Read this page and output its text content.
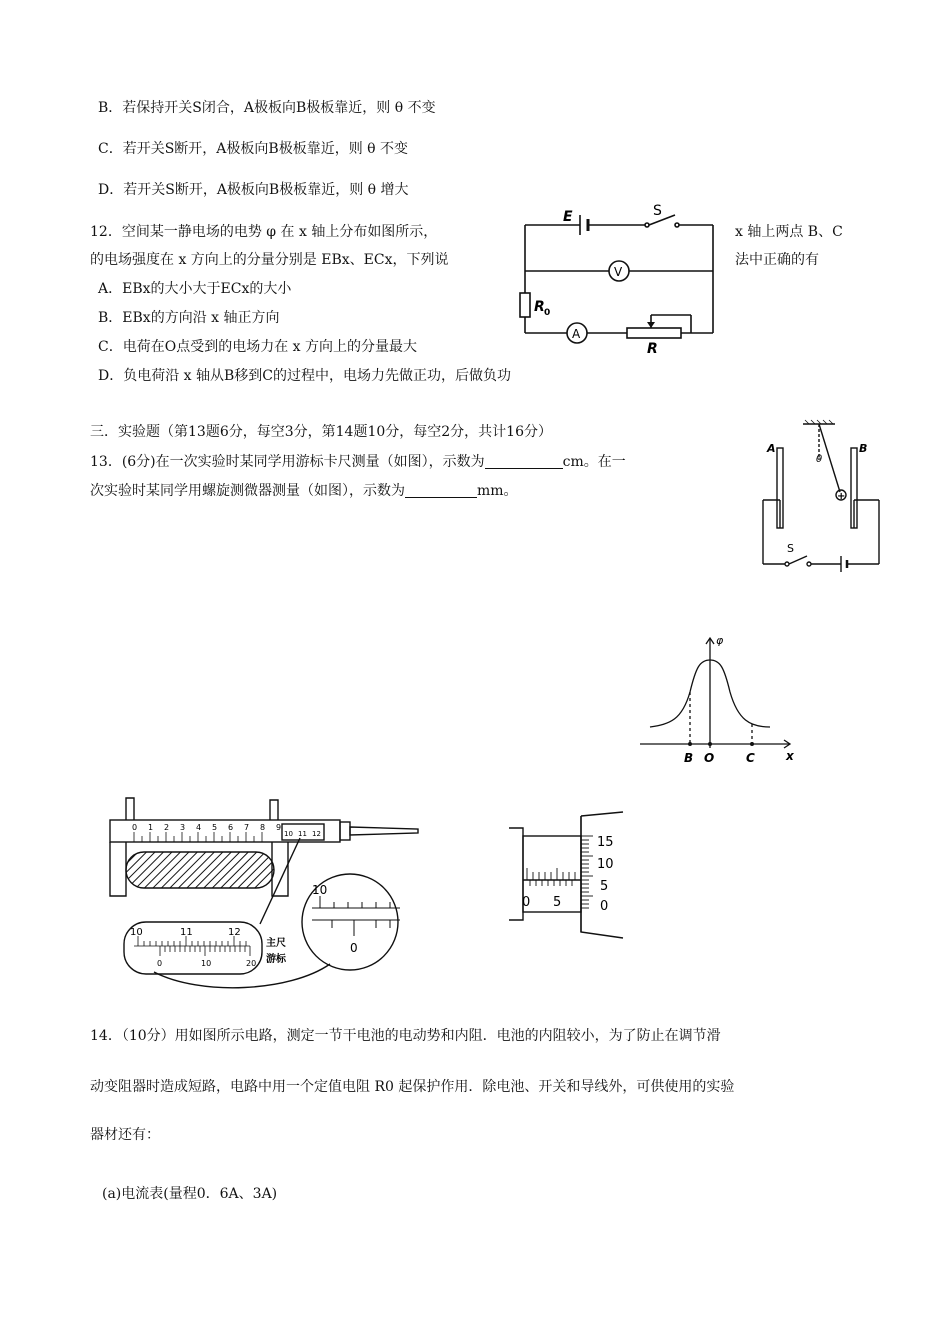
B．若保持开关S闭合，A极板向B极板靠近，则 θ 不变
C．若开关S断开，A极板向B极板靠近，则 θ 不变
D．若开关S断开，A极板向B极板靠近，则 θ 增大
12．空间某一静电场的电势 φ 在 x 轴上分布如图所示，	x 轴上两点 B、C
的电场强度在 x 方向上的分量分别是 EBx、ECx，下列说	法中正确的有
A．EBx的大小大于ECx的大小
B．EBx的方向沿 x 轴正方向
C．电荷在O点受到的电场力在 x 方向上的分量最大
D．负电荷沿 x 轴从B移到C的过程中，电场力先做正功，后做负功
三．实验题（第13题6分，每空3分，第14题10分，每空2分，共计16分）
13．(6分)在一次实验时某同学用游标卡尺测量（如图），示数为	cm。在一
次实验时某同学用螺旋测微器测量（如图），示数为	mm。
14．（10分）用如图所示电路，测定一节干电池的电动势和内阻．电池的内阻较小，为了防止在调节滑
动变阻器时造成短路，电路中用一个定值电阻 R0 起保护作用．除电池、开关和导线外，可供使用的实验
器材还有：
(a)电流表(量程0．6A、3A)
E	S
V
A
R 0
R
A	B
θ
+
S
φ
B O	C	x
0 1 2 3 4 5 6 7 8 9
10 11 12
10	11	12
0	10	20
主尺
游标
10
0
0 5
15
10
5
0
